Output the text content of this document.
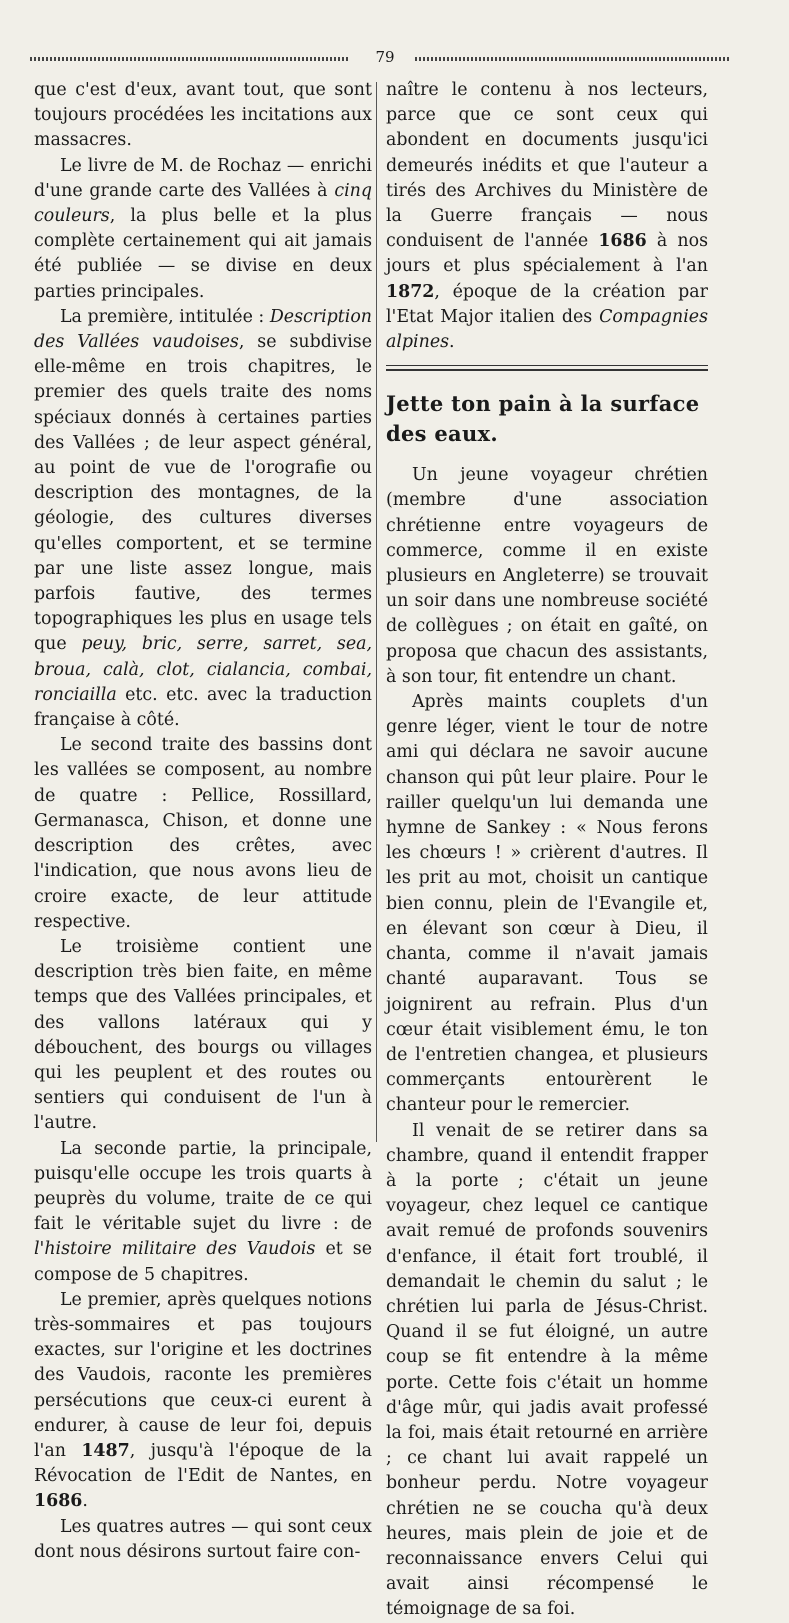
79

que c'est d'eux, avant tout, que sont toujours procédées les incitations aux massacres.

Le livre de M. de Rochaz — enrichi d'une grande carte des Vallées à cinq couleurs, la plus belle et la plus complète certainement qui ait jamais été publiée — se divise en deux parties principales.

La première, intitulée : Description des Vallées vaudoises, se subdivise elle-même en trois chapitres, le premier des quels traite des noms spéciaux donnés à certaines parties des Vallées ; de leur aspect général, au point de vue de l'orografie ou description des montagnes, de la géologie, des cultures diverses qu'elles comportent, et se termine par une liste assez longue, mais parfois fautive, des termes topographiques les plus en usage tels que peuy, bric, serre, sarret, sea, broua, calà, clot, cialancia, combai, ronciailla etc. etc. avec la traduction française à côté.

Le second traite des bassins dont les vallées se composent, au nombre de quatre : Pellice, Rossillard, Germanasca, Chison, et donne une description des crêtes, avec l'indication, que nous avons lieu de croire exacte, de leur attitude respective.

Le troisième contient une description très bien faite, en même temps que des Vallées principales, et des vallons latéraux qui y débouchent, des bourgs ou villages qui les peuplent et des routes ou sentiers qui conduisent de l'un à l'autre.

La seconde partie, la principale, puisqu'elle occupe les trois quarts à peuprès du volume, traite de ce qui fait le véritable sujet du livre : de l'histoire militaire des Vaudois et se compose de 5 chapitres.

Le premier, après quelques notions très-sommaires et pas toujours exactes, sur l'origine et les doctrines des Vaudois, raconte les premières persécutions que ceux-ci eurent à endurer, à cause de leur foi, depuis l'an 1487, jusqu'à l'époque de la Révocation de l'Edit de Nantes, en 1686.

Les quatres autres — qui sont ceux dont nous désirons surtout faire con-

naître le contenu à nos lecteurs, parce que ce sont ceux qui abondent en documents jusqu'ici demeurés inédits et que l'auteur a tirés des Archives du Ministère de la Guerre français — nous conduisent de l'année 1686 à nos jours et plus spécialement à l'an 1872, époque de la création par l'Etat Major italien des Compagnies alpines.

Jette ton pain à la surface des eaux.

Un jeune voyageur chrétien (membre d'une association chrétienne entre voyageurs de commerce, comme il en existe plusieurs en Angleterre) se trouvait un soir dans une nombreuse société de collègues ; on était en gaîté, on proposa que chacun des assistants, à son tour, fit entendre un chant.

Après maints couplets d'un genre léger, vient le tour de notre ami qui déclara ne savoir aucune chanson qui pût leur plaire. Pour le railler quelqu'un lui demanda une hymne de Sankey : « Nous ferons les chœurs ! » crièrent d'autres. Il les prit au mot, choisit un cantique bien connu, plein de l'Evangile et, en élevant son cœur à Dieu, il chanta, comme il n'avait jamais chanté auparavant. Tous se joignirent au refrain. Plus d'un cœur était visiblement ému, le ton de l'entretien changea, et plusieurs commerçants entourèrent le chanteur pour le remercier.

Il venait de se retirer dans sa chambre, quand il entendit frapper à la porte ; c'était un jeune voyageur, chez lequel ce cantique avait remué de profonds souvenirs d'enfance, il était fort troublé, il demandait le chemin du salut ; le chrétien lui parla de Jésus-Christ. Quand il se fut éloigné, un autre coup se fit entendre à la même porte. Cette fois c'était un homme d'âge mûr, qui jadis avait professé la foi, mais était retourné en arrière ; ce chant lui avait rappelé un bonheur perdu. Notre voyageur chrétien ne se coucha qu'à deux heures, mais plein de joie et de reconnaissance envers Celui qui avait ainsi récompensé le témoignage de sa foi.
